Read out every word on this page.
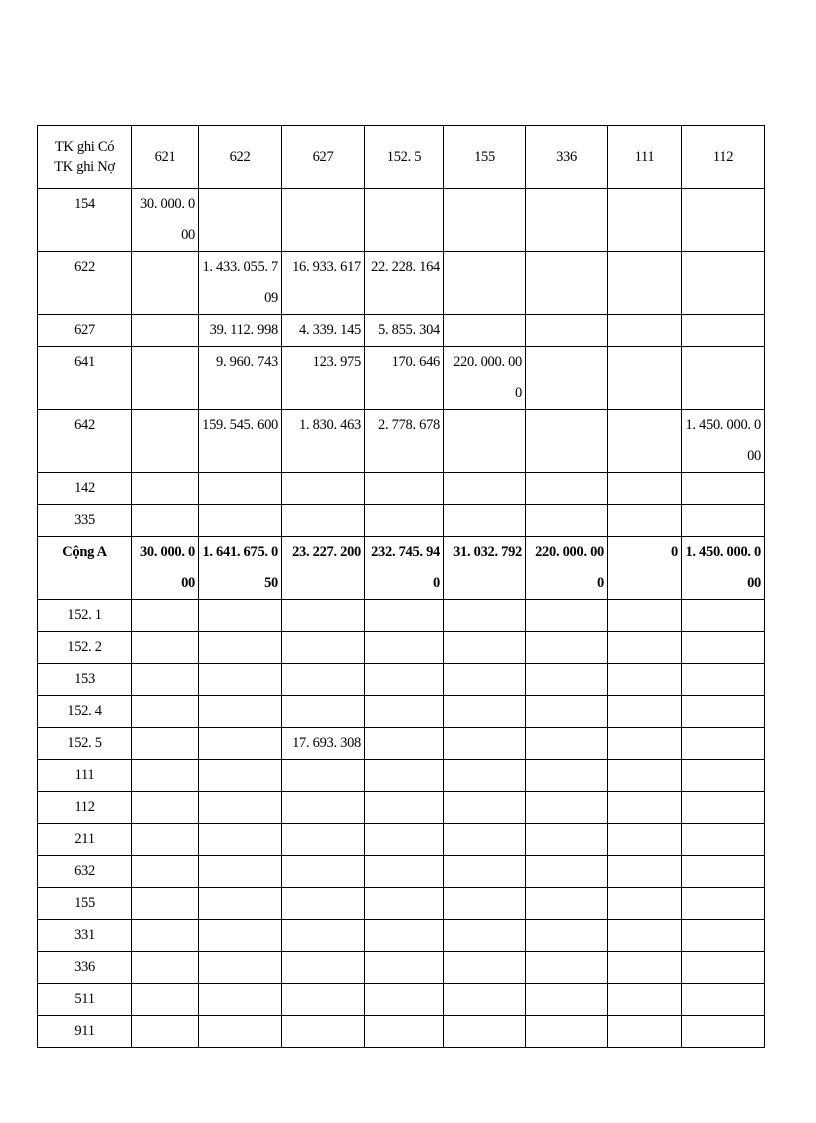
TK ghi Có
TK ghi Nợ	621	622	627	152. 5	155	336	111	112
154	30. 000. 000							
622		1. 433. 055. 709	16. 933. 617	22. 228. 164				
627		39. 112. 998	4. 339. 145	5. 855. 304				
641		9. 960. 743	123. 975	170. 646	220. 000. 000			
642		159. 545. 600	1. 830. 463	2. 778. 678				1. 450. 000. 000
142								
335								
Cộng A	30. 000. 000	1. 641. 675. 050	23. 227. 200	232. 745. 940	31. 032. 792	220. 000. 000	0	1. 450. 000. 000
152. 1								
152. 2								
153								
152. 4								
152. 5			17. 693. 308					
111								
112								
211								
632								
155								
331								
336								
511								
911								
